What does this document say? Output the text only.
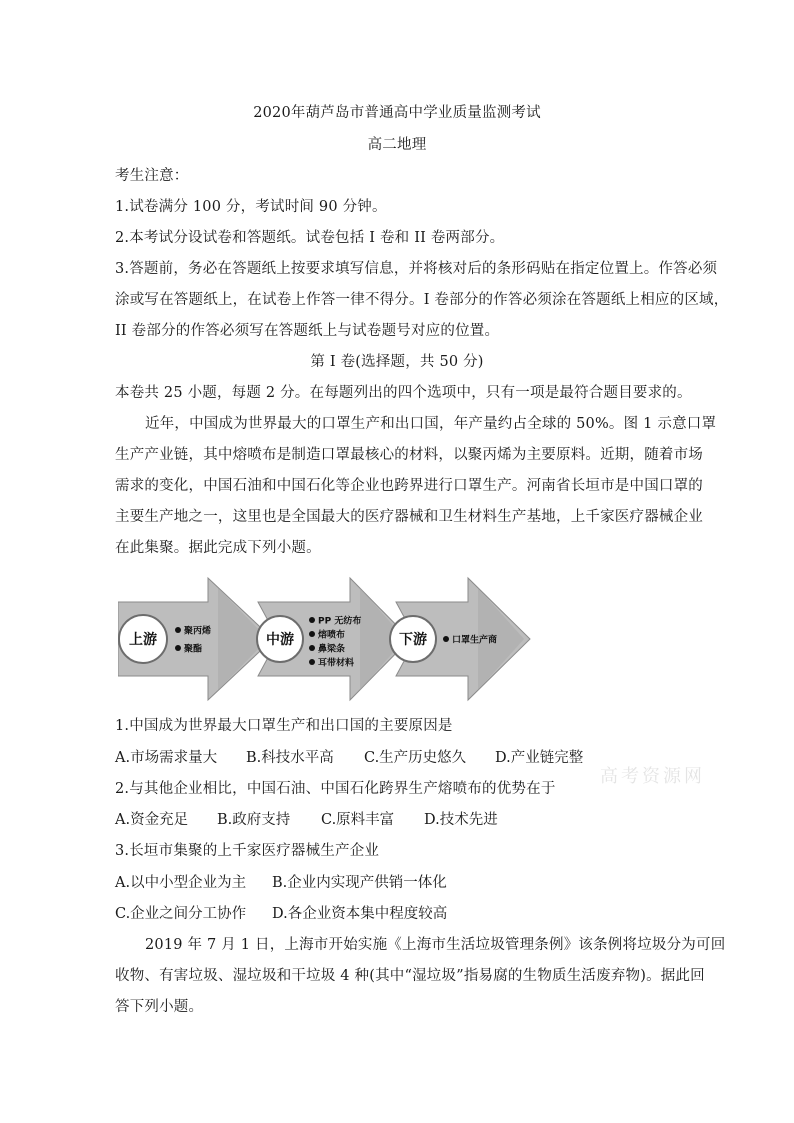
2020年葫芦岛市普通高中学业质量监测考试
高二地理
考生注意：
1.试卷满分 100 分，考试时间 90 分钟。
2.本考试分设试卷和答题纸。试卷包括 I 卷和 II 卷两部分。
3.答题前，务必在答题纸上按要求填写信息，并将核对后的条形码贴在指定位置上。作答必须
涂或写在答题纸上，在试卷上作答一律不得分。I 卷部分的作答必须涂在答题纸上相应的区域，
II 卷部分的作答必须写在答题纸上与试卷题号对应的位置。
第 I 卷(选择题，共 50 分)
本卷共 25 小题，每题 2 分。在每题列出的四个选项中，只有一项是最符合题目要求的。
近年，中国成为世界最大的口罩生产和出口国，年产量约占全球的 50%。图 1 示意口罩
生产产业链，其中熔喷布是制造口罩最核心的材料，以聚丙烯为主要原料。近期，随着市场
需求的变化，中国石油和中国石化等企业也跨界进行口罩生产。河南省长垣市是中国口罩的
主要生产地之一，这里也是全国最大的医疗器械和卫生材料生产基地，上千家医疗器械企业
在此集聚。据此完成下列小题。
上游
聚丙烯
聚酯
中游
PP 无纺布
熔喷布
鼻梁条
耳带材料
下游	口罩生产商
1.中国成为世界最大口罩生产和出口国的主要原因是
A.市场需求量大 B.科技水平高 C.生产历史悠久 D.产业链完整
2.与其他企业相比，中国石油、中国石化跨界生产熔喷布的优势在于
A.资金充足 B.政府支持 C.原料丰富 D.技术先进
3.长垣市集聚的上千家医疗器械生产企业
A.以中小型企业为主 B.企业内实现产供销一体化
C.企业之间分工协作 D.各企业资本集中程度较高
2019 年 7 月 1 日，上海市开始实施《上海市生活垃圾管理条例》该条例将垃圾分为可回
收物、有害垃圾、湿垃圾和干垃圾 4 种(其中“湿垃圾”指易腐的生物质生活废弃物)。据此回
答下列小题。
高考资源网
